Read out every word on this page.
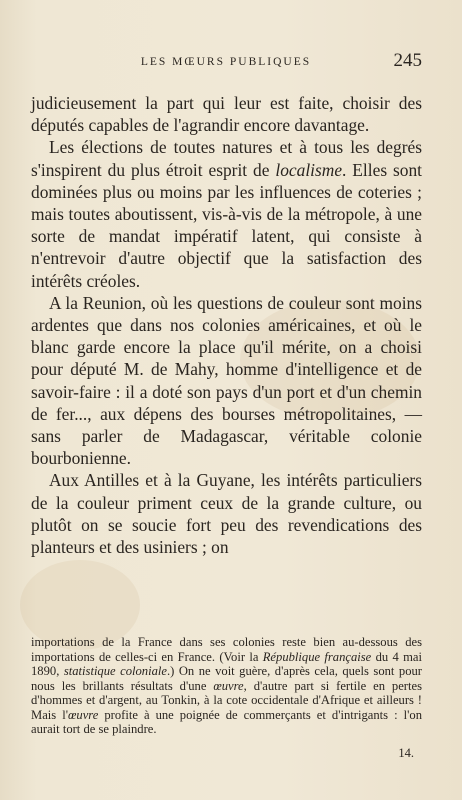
LES MŒURS PUBLIQUES	245

judicieusement la part qui leur est faite, choisir des députés capables de l'agrandir encore davantage.

Les élections de toutes natures et à tous les degrés s'inspirent du plus étroit esprit de localisme. Elles sont dominées plus ou moins par les influences de coteries ; mais toutes aboutissent, vis-à-vis de la métropole, à une sorte de mandat impératif latent, qui consiste à n'entrevoir d'autre objectif que la satisfaction des intérêts créoles.

A la Reunion, où les questions de couleur sont moins ardentes que dans nos colonies américaines, et où le blanc garde encore la place qu'il mérite, on a choisi pour député M. de Mahy, homme d'intelligence et de savoir-faire : il a doté son pays d'un port et d'un chemin de fer..., aux dépens des bourses métropolitaines, — sans parler de Madagascar, véritable colonie bourbonienne.

Aux Antilles et à la Guyane, les intérêts particuliers de la couleur priment ceux de la grande culture, ou plutôt on se soucie fort peu des revendications des planteurs et des usiniers ; on

importations de la France dans ses colonies reste bien au-dessous des importations de celles-ci en France. (Voir la République française du 4 mai 1890, statistique coloniale.) On ne voit guère, d'après cela, quels sont pour nous les brillants résultats d'une œuvre, d'autre part si fertile en pertes d'hommes et d'argent, au Tonkin, à la cote occidentale d'Afrique et ailleurs ! Mais l'œuvre profite à une poignée de commerçants et d'intrigants : l'on aurait tort de se plaindre.

14.
